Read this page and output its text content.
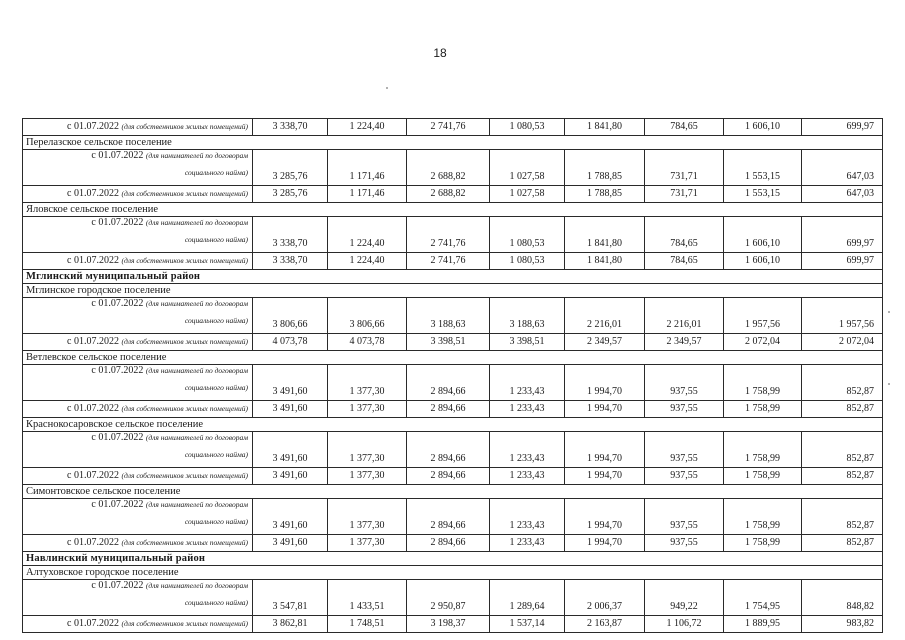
18
с 01.07.2022 (для собственников жилых помещений)	3 338,70	1 224,40	2 741,76	1 080,53	1 841,80	784,65	1 606,10	699,97
Перелазское сельское поселение								
с 01.07.2022 (для нанимателей по договорам
социального найма)	3 285,76	1 171,46	2 688,82	1 027,58	1 788,85	731,71	1 553,15	647,03
с 01.07.2022 (для собственников жилых помещений)	3 285,76	1 171,46	2 688,82	1 027,58	1 788,85	731,71	1 553,15	647,03
Яловское сельское поселение								
с 01.07.2022 (для нанимателей по договорам
социального найма)	3 338,70	1 224,40	2 741,76	1 080,53	1 841,80	784,65	1 606,10	699,97
с 01.07.2022 (для собственников жилых помещений)	3 338,70	1 224,40	2 741,76	1 080,53	1 841,80	784,65	1 606,10	699,97
Мглинский муниципальный район								
Мглинское городское поселение								
с 01.07.2022 (для нанимателей по договорам
социального найма)	3 806,66	3 806,66	3 188,63	3 188,63	2 216,01	2 216,01	1 957,56	1 957,56
с 01.07.2022 (для собственников жилых помещений)	4 073,78	4 073,78	3 398,51	3 398,51	2 349,57	2 349,57	2 072,04	2 072,04
Ветлевское сельское поселение								
с 01.07.2022 (для нанимателей по договорам
социального найма)	3 491,60	1 377,30	2 894,66	1 233,43	1 994,70	937,55	1 758,99	852,87
с 01.07.2022 (для собственников жилых помещений)	3 491,60	1 377,30	2 894,66	1 233,43	1 994,70	937,55	1 758,99	852,87
Краснокосаровское сельское поселение								
с 01.07.2022 (для нанимателей по договорам
социального найма)	3 491,60	1 377,30	2 894,66	1 233,43	1 994,70	937,55	1 758,99	852,87
с 01.07.2022 (для собственников жилых помещений)	3 491,60	1 377,30	2 894,66	1 233,43	1 994,70	937,55	1 758,99	852,87
Симонтовское сельское поселение								
с 01.07.2022 (для нанимателей по договорам
социального найма)	3 491,60	1 377,30	2 894,66	1 233,43	1 994,70	937,55	1 758,99	852,87
с 01.07.2022 (для собственников жилых помещений)	3 491,60	1 377,30	2 894,66	1 233,43	1 994,70	937,55	1 758,99	852,87
Навлинский муниципальный район								
Алтуховское городское поселение								
с 01.07.2022 (для нанимателей по договорам
социального найма)	3 547,81	1 433,51	2 950,87	1 289,64	2 006,37	949,22	1 754,95	848,82
с 01.07.2022 (для собственников жилых помещений)	3 862,81	1 748,51	3 198,37	1 537,14	2 163,87	1 106,72	1 889,95	983,82
